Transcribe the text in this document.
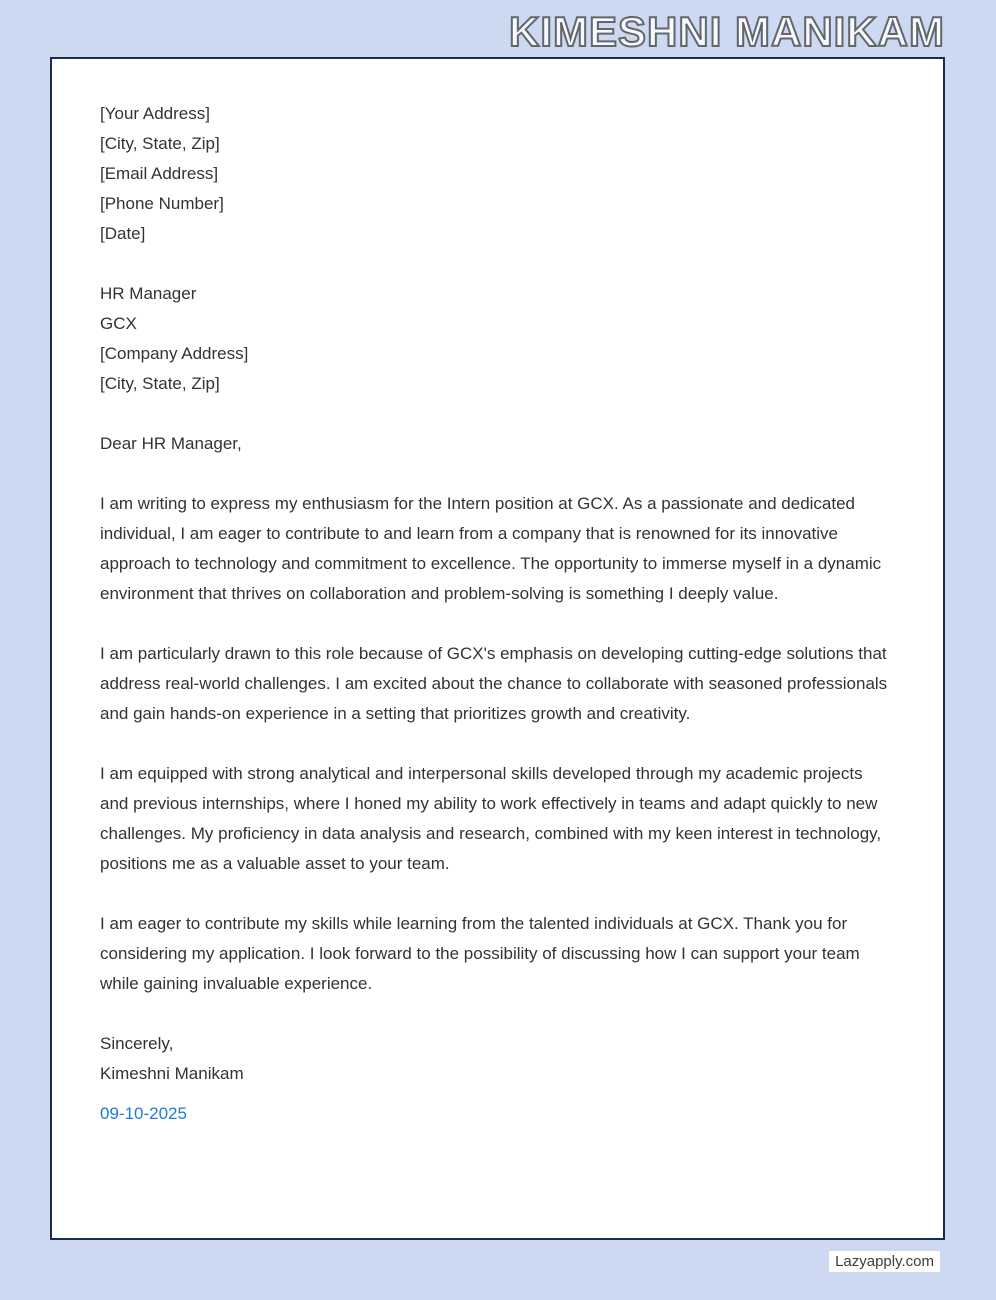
KIMESHNI MANIKAM

[Your Address]

[City, State, Zip]

[Email Address]

[Phone Number]

[Date]

HR Manager

GCX

[Company Address]

[City, State, Zip]

Dear HR Manager,

I am writing to express my enthusiasm for the Intern position at GCX. As a passionate and dedicated individual, I am eager to contribute to and learn from a company that is renowned for its innovative approach to technology and commitment to excellence. The opportunity to immerse myself in a dynamic environment that thrives on collaboration and problem-solving is something I deeply value.

I am particularly drawn to this role because of GCX's emphasis on developing cutting-edge solutions that address real-world challenges. I am excited about the chance to collaborate with seasoned professionals and gain hands-on experience in a setting that prioritizes growth and creativity.

I am equipped with strong analytical and interpersonal skills developed through my academic projects and previous internships, where I honed my ability to work effectively in teams and adapt quickly to new challenges. My proficiency in data analysis and research, combined with my keen interest in technology, positions me as a valuable asset to your team.

I am eager to contribute my skills while learning from the talented individuals at GCX. Thank you for considering my application. I look forward to the possibility of discussing how I can support your team while gaining invaluable experience.

Sincerely,

Kimeshni Manikam

09-10-2025
Lazyapply.com
